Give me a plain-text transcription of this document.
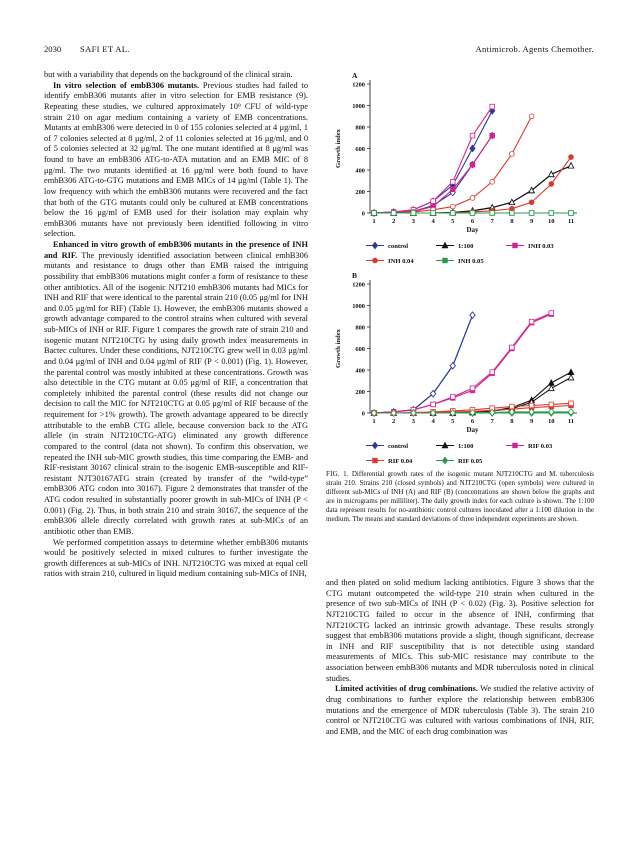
2030 SAFI ET AL.	Antimicrob. Agents Chemother.

but with a variability that depends on the background of the clinical strain.

In vitro selection of embB306 mutants. Previous studies had failed to identify embB306 mutants after in vitro selection for EMB resistance (9). Repeating these studies, we cultured approximately 10⁹ CFU of wild-type strain 210 on agar medium containing a variety of EMB concentrations. Mutants at embB306 were detected in 0 of 155 colonies selected at 4 μg/ml, 1 of 7 colonies selected at 8 μg/ml, 2 of 11 colonies selected at 16 μg/ml, and 0 of 5 colonies selected at 32 μg/ml. The one mutant identified at 8 μg/ml was found to have an embB306 ATG-to-ATA mutation and an EMB MIC of 8 μg/ml. The two mutants identified at 16 μg/ml were both found to have embB306 ATG-to-GTG mutations and EMB MICs of 14 μg/ml (Table 1). The low frequency with which the embB306 mutants were recovered and the fact that both of the GTG mutants could only be cultured at EMB concentrations below the 16 μg/ml of EMB used for their isolation may explain why embB306 mutants have not previously been identified following in vitro selection.

Enhanced in vitro growth of embB306 mutants in the presence of INH and RIF. The previously identified association between clinical embB306 mutants and resistance to drugs other than EMB raised the intriguing possibility that embB306 mutations might confer a form of resistance to these other antibiotics. All of the isogenic NJT210 embB306 mutants had MICs for INH and RIF that were identical to the parental strain 210 (0.05 μg/ml for INH and 0.05 μg/ml for RIF) (Table 1). However, the embB306 mutants showed a growth advantage compared to the control strains when cultured with several sub-MICs of INH or RIF. Figure 1 compares the growth rate of strain 210 and isogenic mutant NJT210CTG by using daily growth index measurements in Bactec cultures. Under these conditions, NJT210CTG grew well in 0.03 μg/ml and 0.04 μg/ml of INH and 0.04 μg/ml of RIF (P < 0.001) (Fig. 1). However, the parental control was mostly inhibited at these concentrations. Growth was also detectible in the CTG mutant at 0.05 μg/ml of RIF, a concentration that completely inhibited the parental control (these results did not change our decision to call the MIC for NJT210CTG at 0.05 μg/ml of RIF because of the requirement for >1% growth). The growth advantage appeared to be directly attributable to the embB CTG allele, because conversion back to the ATG allele (in strain NJT210CTG-ATG) eliminated any growth difference compared to the control (data not shown). To confirm this observation, we repeated the INH sub-MIC growth studies, this time comparing the EMB- and RIF-resistant 30167 clinical strain to the isogenic EMB-susceptible and RIF-resistant NJT30167ATG strain (created by transfer of the “wild-type” embB306 ATG codon into 30167). Figure 2 demonstrates that transfer of the ATG codon resulted in substantially poorer growth in sub-MICs of INH (P < 0.001) (Fig. 2). Thus, in both strain 210 and strain 30167, the sequence of the embB306 allele directly correlated with growth rates at sub-MICs of an antibiotic other than EMB.

We performed competition assays to determine whether embB306 mutants would be positively selected in mixed cultures to further investigate the growth differences at sub-MICs of INH. NJT210CTG was mixed at equal cell ratios with strain 210, cultured in liquid medium containing sub-MICs of INH,

A
0
200
400
600
800
1000
1200
1 2 3 4 5 6 7 8 9 10 11
Day
Growth index
control	1:100	INH 0.03
INH 0.04	INH 0.05
B
0
200
400
600
800
1000
1200
1 2 3 4 5 6 7 8 9 10 11
Day
Growth index
control	1:100	RIF 0.03
RIF 0.04	RIF 0.05
FIG. 1. Differential growth rates of the isogenic mutant NJT210CTG and M. tuberculosis strain 210. Strains 210 (closed symbols) and NJT210CTG (open symbols) were cultured in different sub-MICs of INH (A) and RIF (B) (concentrations are shown below the graphs and are in micrograms per milliliter). The daily growth index for each culture is shown. The 1:100 data represent results for no-antibiotic control cultures inoculated after a 1:100 dilution in the medium. The means and standard deviations of three independent experiments are shown.

and then plated on solid medium lacking antibiotics. Figure 3 shows that the CTG mutant outcompeted the wild-type 210 strain when cultured in the presence of two sub-MICs of INH (P < 0.02) (Fig. 3). Positive selection for NJT210CTG failed to occur in the absence of INH, confirming that NJT210CTG lacked an intrinsic growth advantage. These results strongly suggest that embB306 mutations provide a slight, though significant, decrease in INH and RIF susceptibility that is not detectible using standard measurements of MICs. This sub-MIC resistance may contribute to the association between embB306 mutants and MDR tuberculosis noted in clinical studies.

Limited activities of drug combinations. We studied the relative activity of drug combinations to further explore the relationship between embB306 mutations and the emergence of MDR tuberculosis (Table 3). The strain 210 control or NJT210CTG was cultured with various combinations of INH, RIF, and EMB, and the MIC of each drug combination was
